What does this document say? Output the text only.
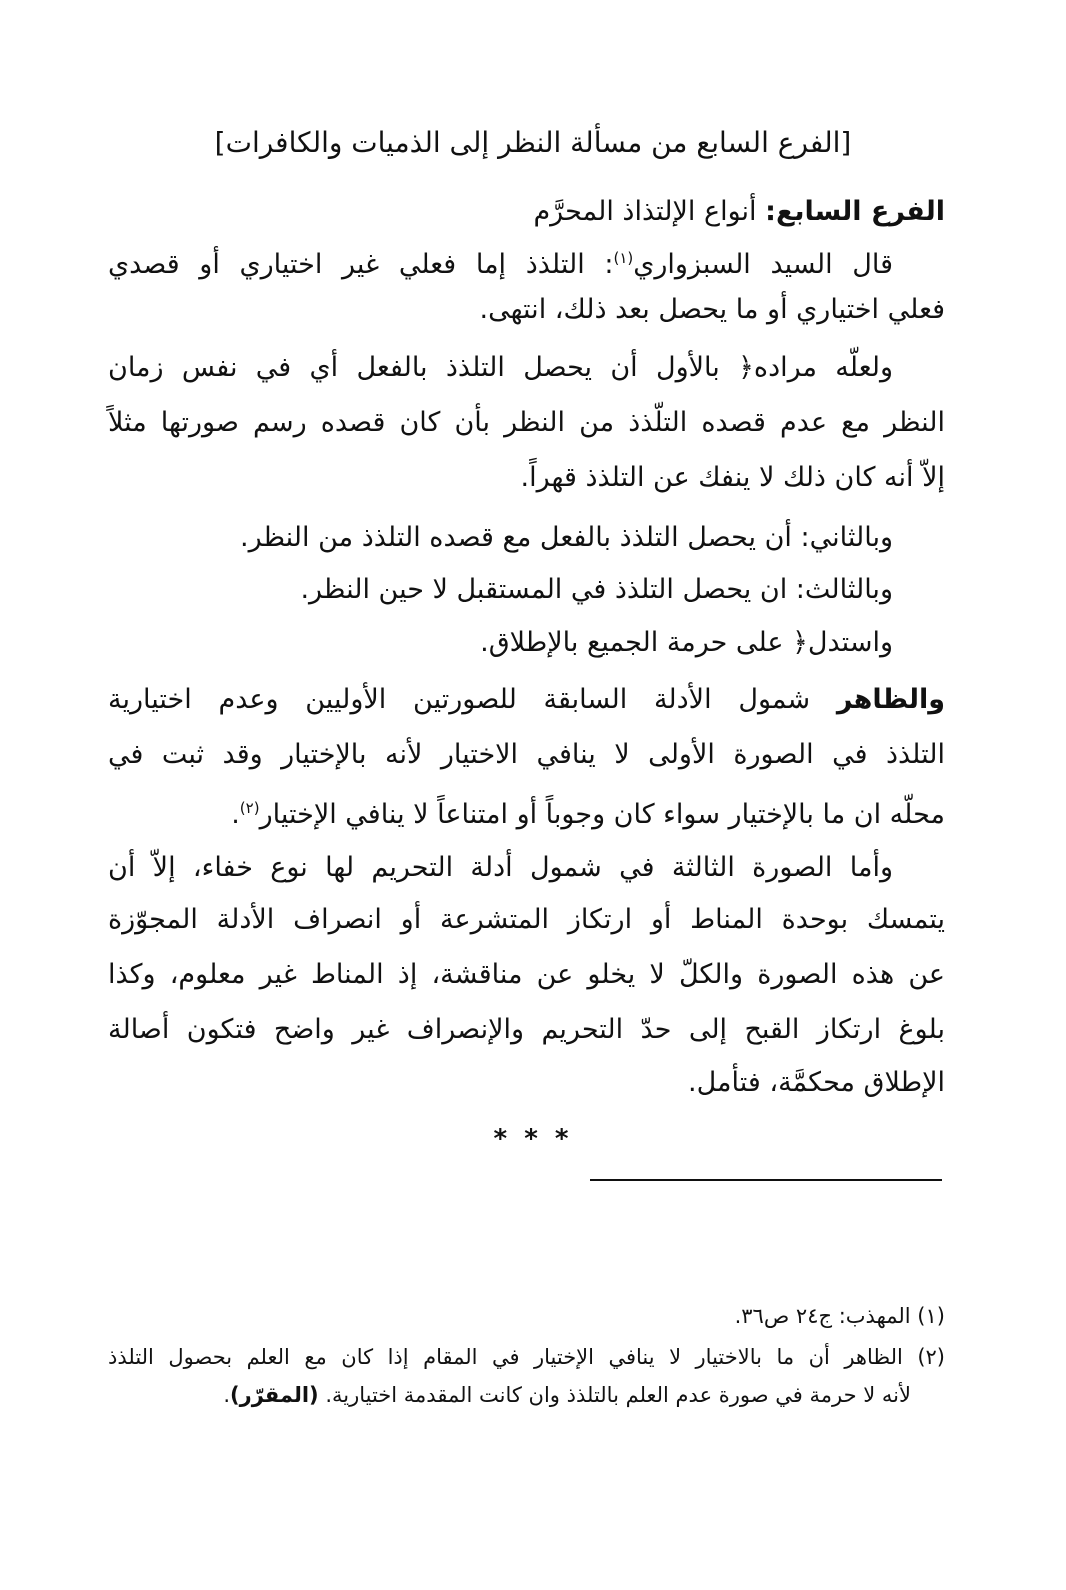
[الفرع السابع من مسألة النظر إلى الذميات والكافرات]
الفرع السابع: أنواع الإلتذاذ المحرَّم
قال السيد السبزواري$^{(١)}$: التلذذ إما فعلي غير اختياري أو قصدي
فعلي اختياري أو ما يحصل بعد ذلك، انتهى.
ولعلّه مراده﴿ بالأول أن يحصل التلذذ بالفعل أي في نفس زمان
النظر مع عدم قصده التلّذذ من النظر بأن كان قصده رسم صورتها مثلاً
إلاّ أنه كان ذلك لا ينفك عن التلذذ قهراً.
وبالثاني: أن يحصل التلذذ بالفعل مع قصده التلذذ من النظر.
وبالثالث: ان يحصل التلذذ في المستقبل لا حين النظر.
واستدل﴿ على حرمة الجميع بالإطلاق.
والظاهر شمول الأدلة السابقة للصورتين الأوليين وعدم اختيارية
التلذذ في الصورة الأولى لا ينافي الاختيار لأنه بالإختيار وقد ثبت في
محلّه ان ما بالإختيار سواء كان وجوباً أو امتناعاً لا ينافي الإختيار$^{(٢)}$.
وأما الصورة الثالثة في شمول أدلة التحريم لها نوع خفاء، إلاّ أن
يتمسك بوحدة المناط أو ارتكاز المتشرعة أو انصراف الأدلة المجوّزة
عن هذه الصورة والكلّ لا يخلو عن مناقشة، إذ المناط غير معلوم، وكذا
بلوغ ارتكاز القبح إلى حدّ التحريم والإنصراف غير واضح فتكون أصالة
الإطلاق محكمَّة، فتأمل.
* * *
(١) المهذب: ج٢٤ ص٣٦.
(٢) الظاهر أن ما بالاختيار لا ينافي الإختيار في المقام إذا كان مع العلم بحصول التلذذ
لأنه لا حرمة في صورة عدم العلم بالتلذذ وان كانت المقدمة اختيارية. (المقرّر).
